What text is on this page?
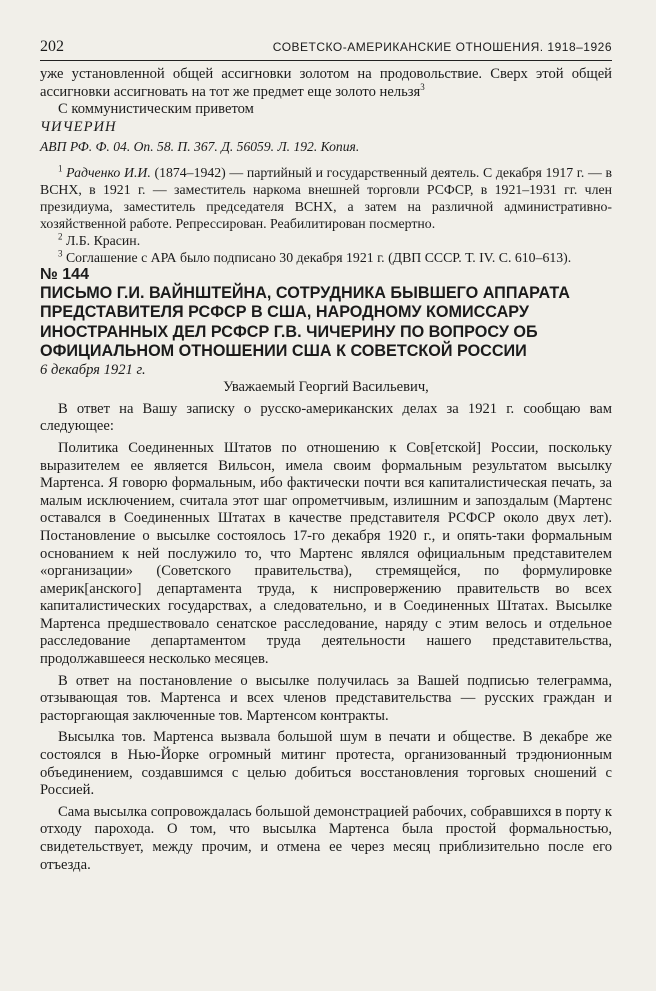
202	СОВЕТСКО-АМЕРИКАНСКИЕ ОТНОШЕНИЯ. 1918–1926

уже установленной общей ассигновки золотом на продовольствие. Сверх этой общей ассигновки ассигновать на тот же предмет еще золото нельзя$^3$

С коммунистическим приветом

ЧИЧЕРИН

АВП РФ. Ф. 04. Оп. 58. П. 367. Д. 56059. Л. 192. Копия.

$^1$ Радченко И.И. (1874–1942) — партийный и государственный деятель. С декабря 1917 г. — в ВСНХ, в 1921 г. — заместитель наркома внешней торговли РСФСР, в 1921–1931 гг. член президиума, заместитель председателя ВСНХ, а затем на различной административно-хозяйственной работе. Репрессирован. Реабилитирован посмертно.

$^2$ Л.Б. Красин.

$^3$ Соглашение с АРА было подписано 30 декабря 1921 г. (ДВП СССР. Т. IV. С. 610–613).

№ 144

ПИСЬМО Г.И. ВАЙНШТЕЙНА, СОТРУДНИКА БЫВШЕГО АППАРАТА ПРЕДСТАВИТЕЛЯ РСФСР В США, НАРОДНОМУ КОМИССАРУ ИНОСТРАННЫХ ДЕЛ РСФСР Г.В. ЧИЧЕРИНУ ПО ВОПРОСУ ОБ ОФИЦИАЛЬНОМ ОТНОШЕНИИ США К СОВЕТСКОЙ РОССИИ

6 декабря 1921 г.

Уважаемый Георгий Васильевич,

В ответ на Вашу записку о русско-американских делах за 1921 г. сообщаю вам следующее:

Политика Соединенных Штатов по отношению к Сов[етской] России, поскольку выразителем ее является Вильсон, имела своим формальным результатом высылку Мартенса. Я говорю формальным, ибо фактически почти вся капиталистическая печать, за малым исключением, считала этот шаг опрометчивым, излишним и запоздалым (Мартенс оставался в Соединенных Штатах в качестве представителя РСФСР около двух лет). Постановление о высылке состоялось 17-го декабря 1920 г., и опять-таки формальным основанием к ней послужило то, что Мартенс являлся официальным представителем «организации» (Советского правительства), стремящейся, по формулировке америк[анского] департамента труда, к ниспровержению правительств во всех капиталистических государствах, а следовательно, и в Соединенных Штатах. Высылке Мартенса предшествовало сенатское расследование, наряду с этим велось и отдельное расследование департаментом труда деятельности нашего представительства, продолжавшееся несколько месяцев.

В ответ на постановление о высылке получилась за Вашей подписью телеграмма, отзывающая тов. Мартенса и всех членов представительства — русских граждан и расторгающая заключенные тов. Мартенсом контракты.

Высылка тов. Мартенса вызвала большой шум в печати и обществе. В декабре же состоялся в Нью-Йорке огромный митинг протеста, организованный трэдюнионным объединением, создавшимся с целью добиться восстановления торговых сношений с Россией.

Сама высылка сопровождалась большой демонстрацией рабочих, собравшихся в порту к отходу парохода. О том, что высылка Мартенса была простой формальностью, свидетельствует, между прочим, и отмена ее через месяц приблизительно после его отъезда.
